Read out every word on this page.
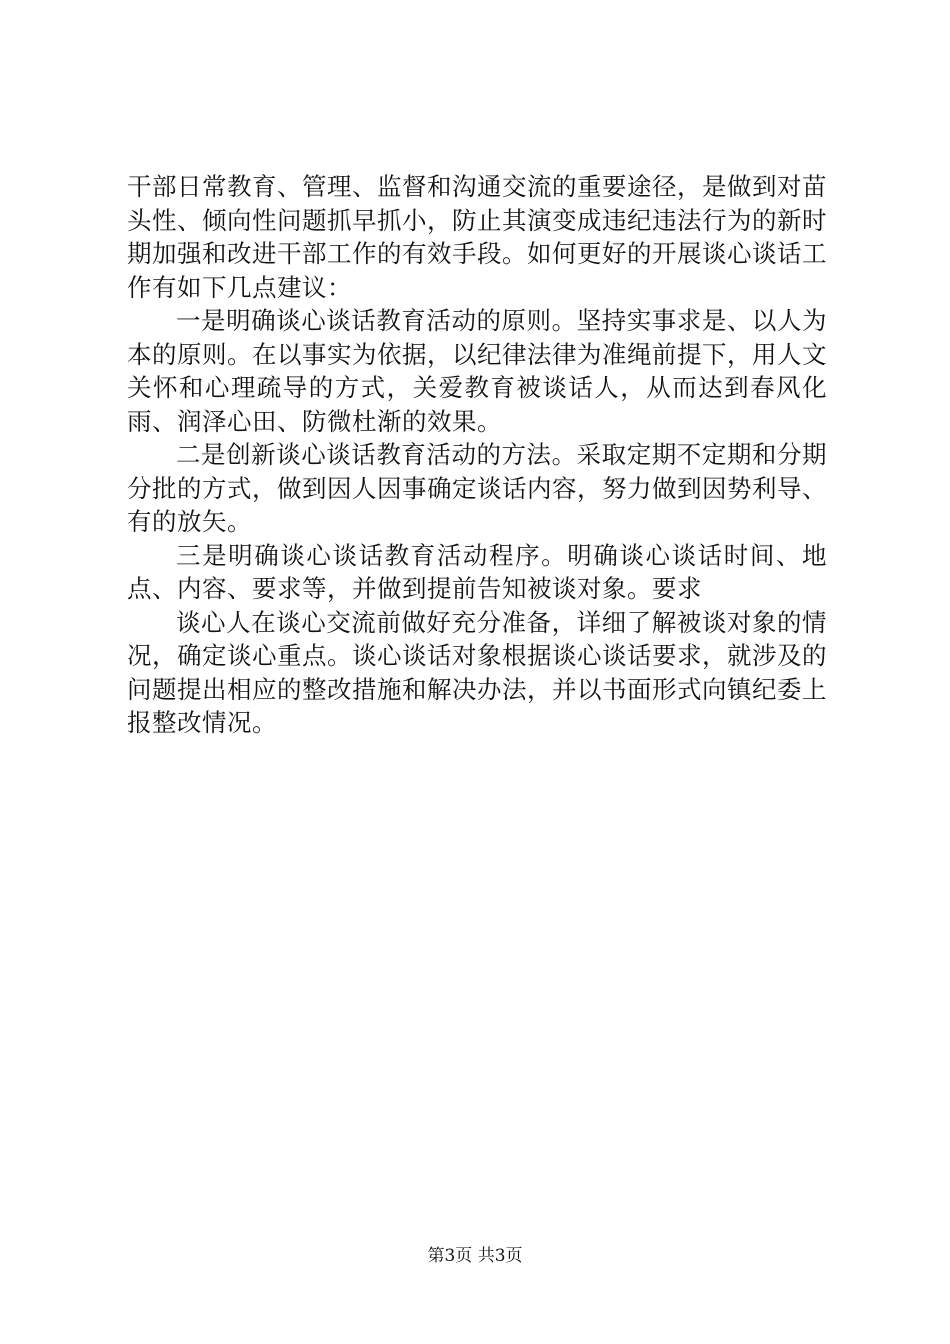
干部日常教育、管理、监督和沟通交流的重要途径，是做到对苗头性、倾向性问题抓早抓小，防止其演变成违纪违法行为的新时期加强和改进干部工作的有效手段。如何更好的开展谈心谈话工作有如下几点建议：

一是明确谈心谈话教育活动的原则。坚持实事求是、以人为本的原则。在以事实为依据，以纪律法律为准绳前提下，用人文关怀和心理疏导的方式，关爱教育被谈话人，从而达到春风化雨、润泽心田、防微杜渐的效果。

二是创新谈心谈话教育活动的方法。采取定期不定期和分期分批的方式，做到因人因事确定谈话内容，努力做到因势利导、有的放矢。

三是明确谈心谈话教育活动程序。明确谈心谈话时间、地点、内容、要求等，并做到提前告知被谈对象。要求

谈心人在谈心交流前做好充分准备，详细了解被谈对象的情况，确定谈心重点。谈心谈话对象根据谈心谈话要求，就涉及的问题提出相应的整改措施和解决办法，并以书面形式向镇纪委上报整改情况。

第3页 共3页
